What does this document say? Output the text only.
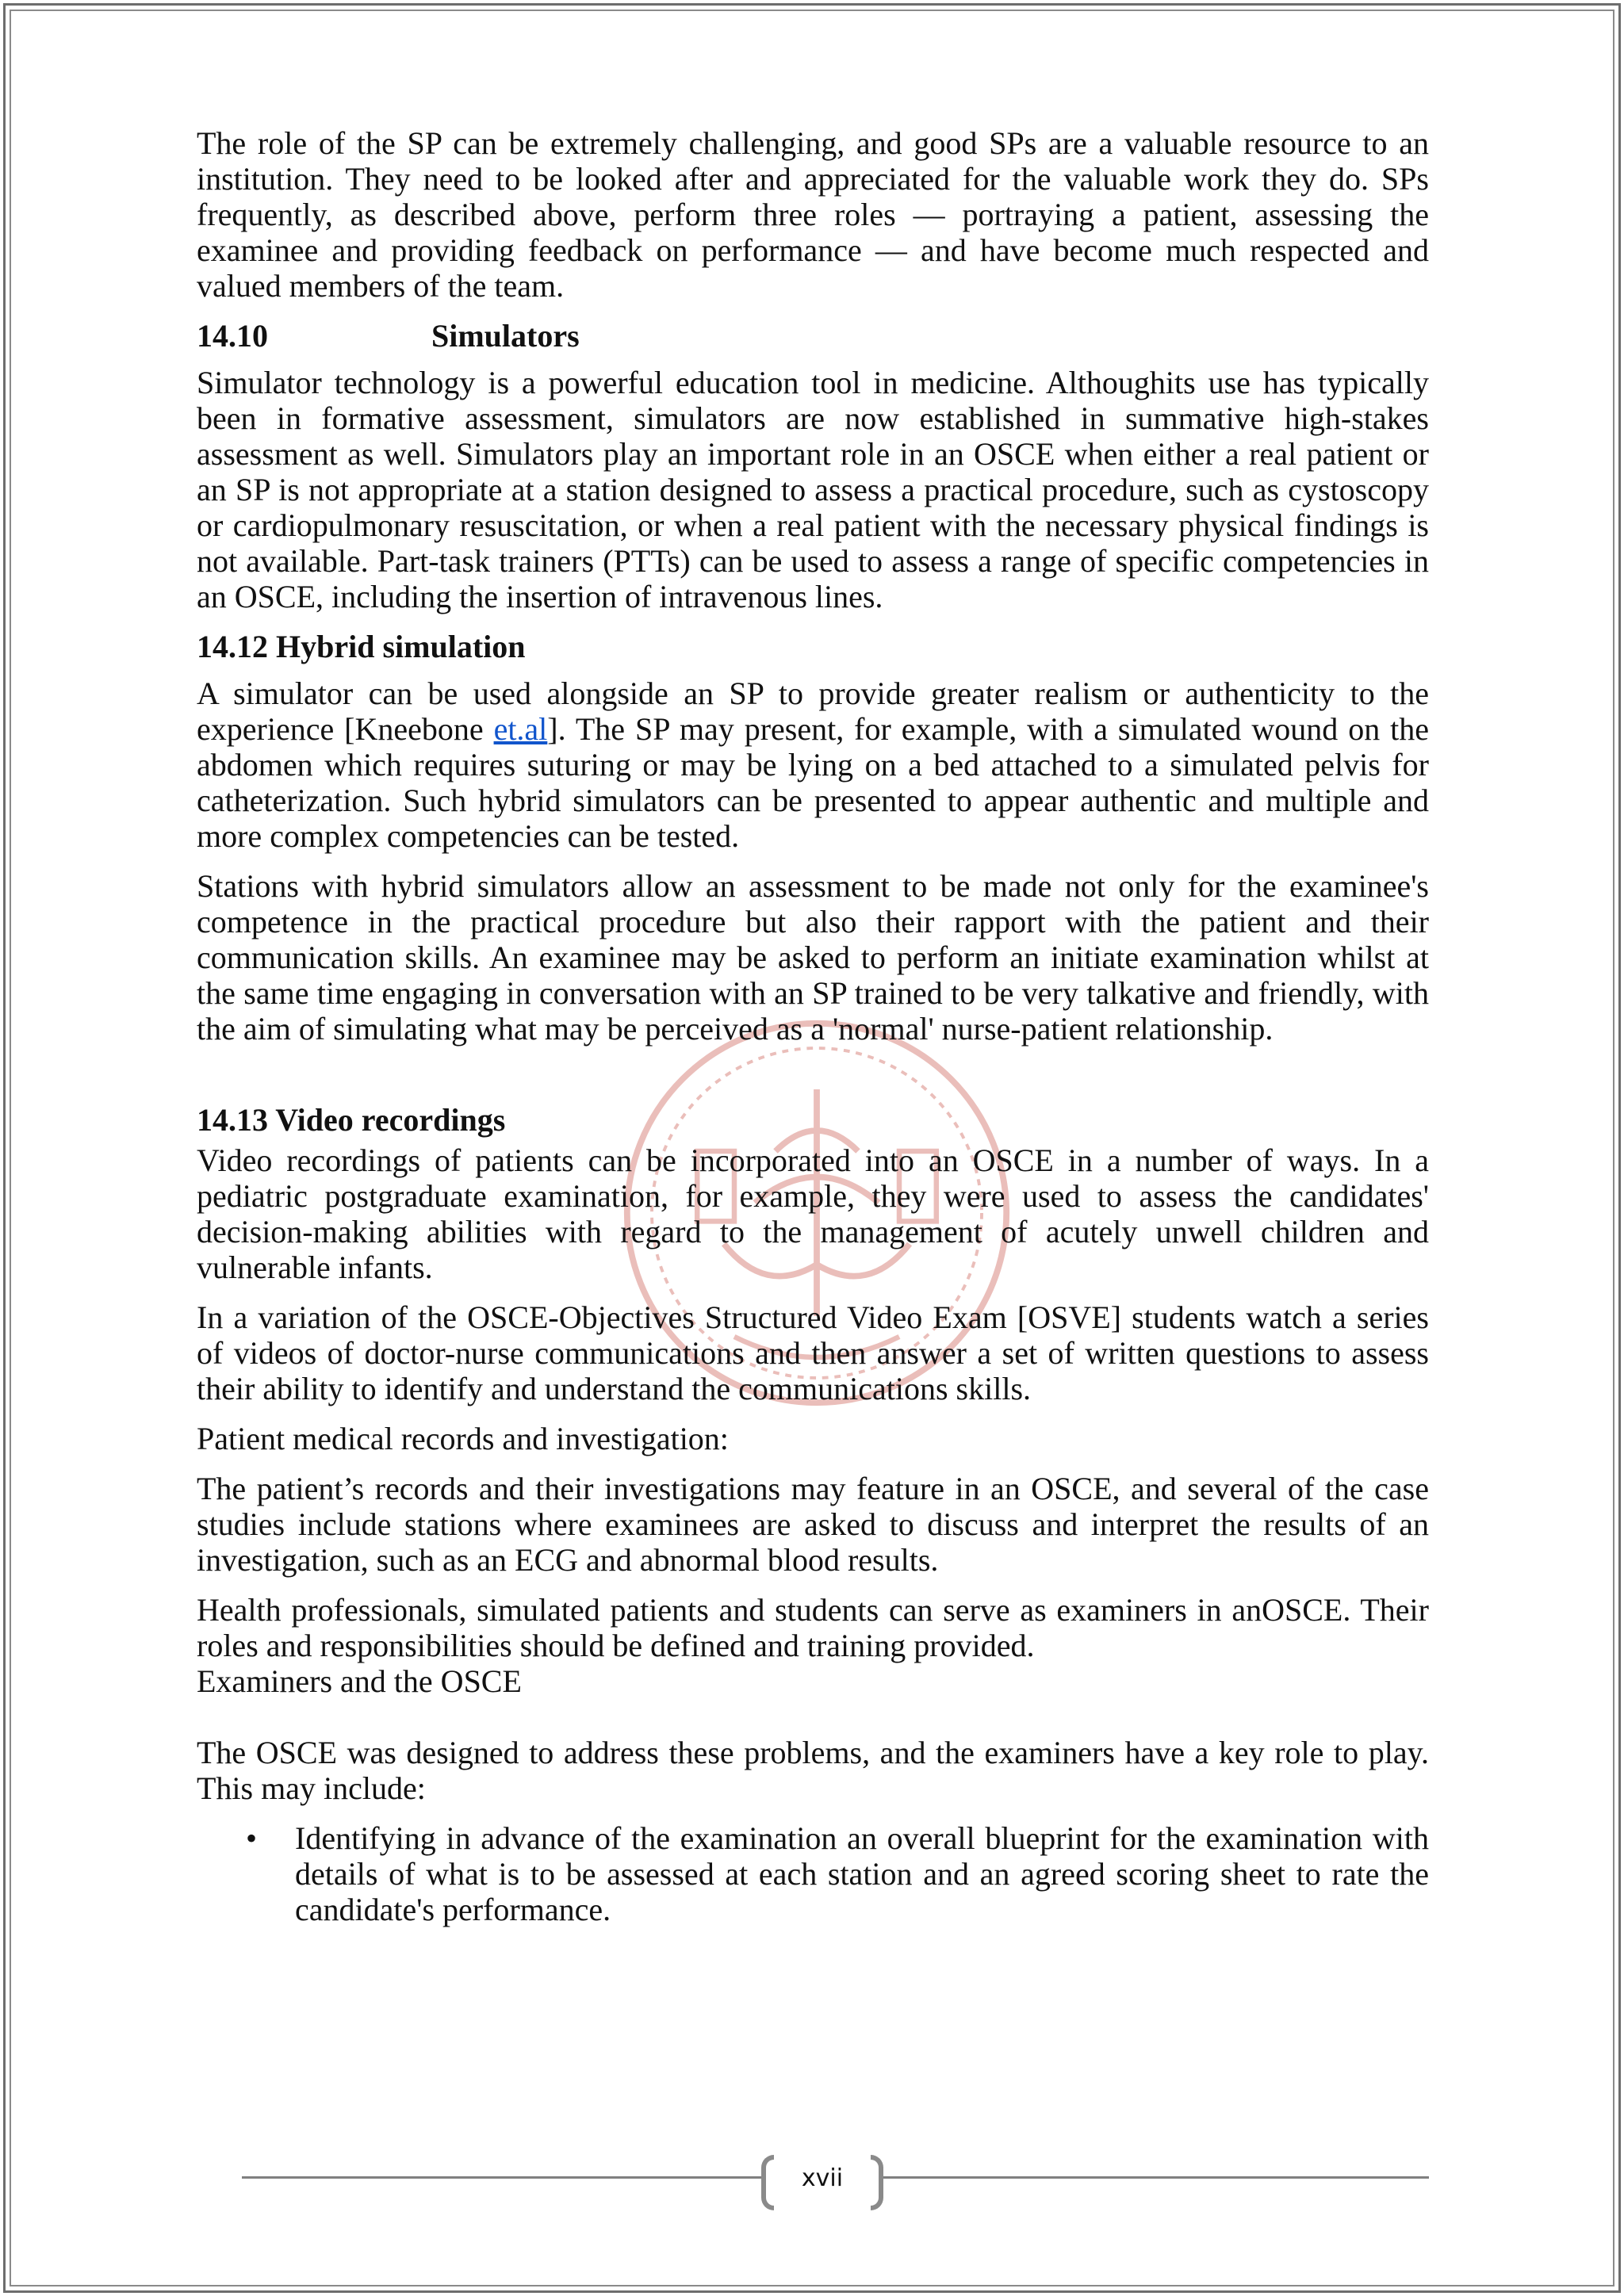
The role of the SP can be extremely challenging, and good SPs are a valuable resource to an institution. They need to be looked after and appreciated for the valuable work they do. SPs frequently, as described above, perform three roles — portraying a patient, assessing the examinee and providing feedback on performance — and have become much respected and valued members of the team.

14.10	Simulators

Simulator technology is a powerful education tool in medicine. Althoughits use has typically been in formative assessment, simulators are now established in summative high-stakes assessment as well. Simulators play an important role in an OSCE when either a real patient or an SP is not appropriate at a station designed to assess a practical procedure, such as cystoscopy or cardiopulmonary resuscitation, or when a real patient with the necessary physical findings is not available. Part-task trainers (PTTs) can be used to assess a range of specific competencies in an OSCE, including the insertion of intravenous lines.

14.12 Hybrid simulation

A simulator can be used alongside an SP to provide greater realism or authenticity to the experience [Kneebone et.al]. The SP may present, for example, with a simulated wound on the abdomen which requires suturing or may be lying on a bed attached to a simulated pelvis for catheterization. Such hybrid simulators can be presented to appear authentic and multiple and more complex competencies can be tested.

Stations with hybrid simulators allow an assessment to be made not only for the examinee's competence in the practical procedure but also their rapport with the patient and their communication skills. An examinee may be asked to perform an initiate examination whilst at the same time engaging in conversation with an SP trained to be very talkative and friendly, with the aim of simulating what may be perceived as a 'normal' nurse-patient relationship.

14.13 Video recordings

Video recordings of patients can be incorporated into an OSCE in a number of ways. In a pediatric postgraduate examination, for example, they were used to assess the candidates' decision-making abilities with regard to the management of acutely unwell children and vulnerable infants.

In a variation of the OSCE-Objectives Structured Video Exam [OSVE] students watch a series of videos of doctor-nurse communications and then answer a set of written questions to assess their ability to identify and understand the communications skills.

Patient medical records and investigation:

The patient’s records and their investigations may feature in an OSCE, and several of the case studies include stations where examinees are asked to discuss and interpret the results of an investigation, such as an ECG and abnormal blood results.

Health professionals, simulated patients and students can serve as examiners in anOSCE. Their roles and responsibilities should be defined and training provided.

Examiners and the OSCE

The OSCE was designed to address these problems, and the examiners have a key role to play. This may include:

• Identifying in advance of the examination an overall blueprint for the examination with details of what is to be assessed at each station and an agreed scoring sheet to rate the candidate's performance.
xvii
